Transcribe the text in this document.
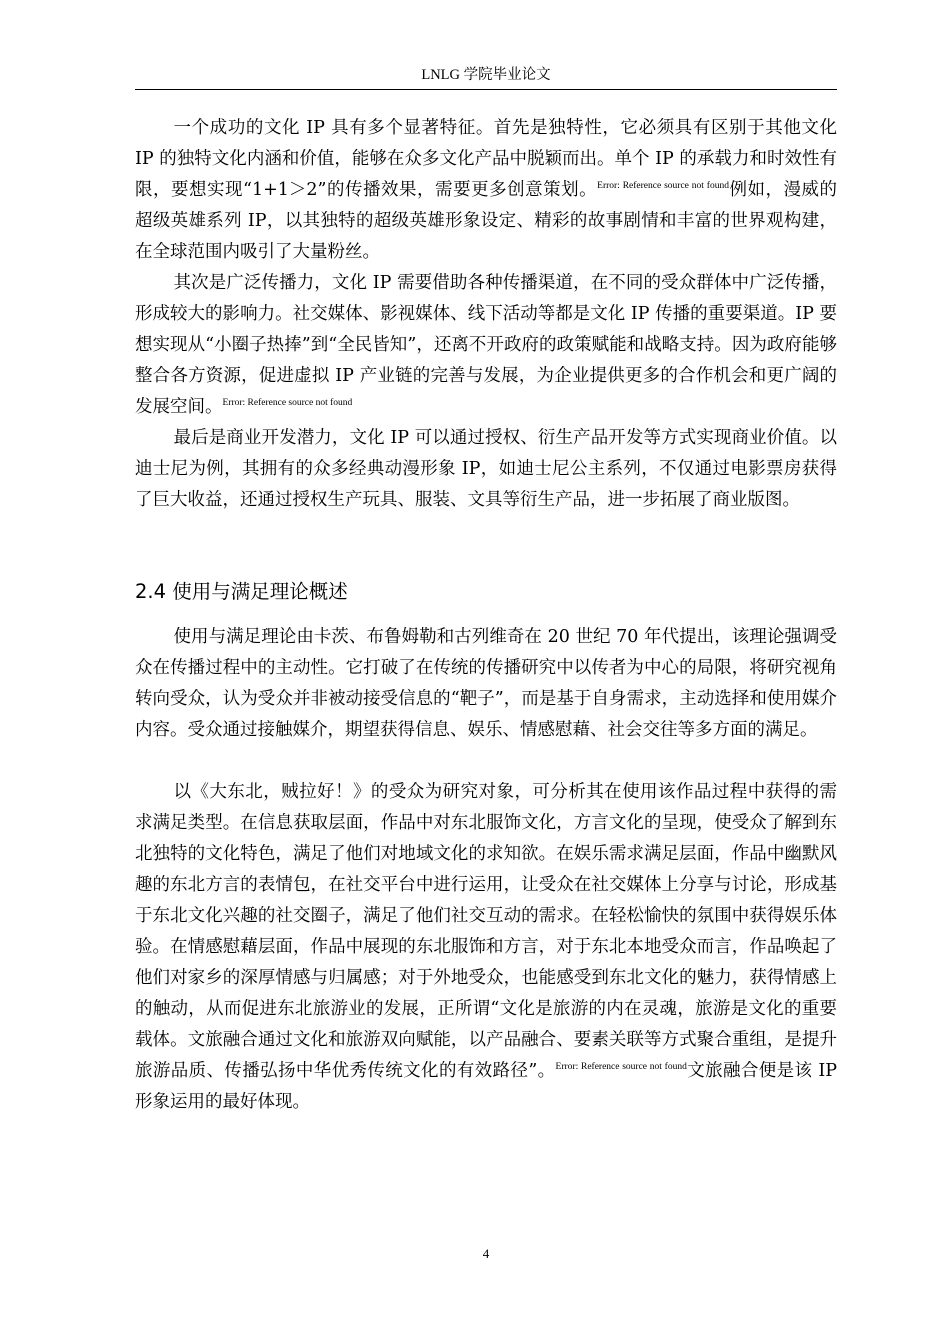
LNLG 学院毕业论文

一个成功的文化 IP 具有多个显著特征。首先是独特性，它必须具有区别于其他文化 IP 的独特文化内涵和价值，能够在众多文化产品中脱颖而出。单个 IP 的承载力和时效性有限，要想实现“1+1＞2”的传播效果，需要更多创意策划。$^{Error: Reference source not found}$例如，漫威的超级英雄系列 IP，以其独特的超级英雄形象设定、精彩的故事剧情和丰富的世界观构建，在全球范围内吸引了大量粉丝。

其次是广泛传播力，文化 IP 需要借助各种传播渠道，在不同的受众群体中广泛传播，形成较大的影响力。社交媒体、影视媒体、线下活动等都是文化 IP 传播的重要渠道。IP 要想实现从“小圈子热捧”到“全民皆知”，还离不开政府的政策赋能和战略支持。因为政府能够整合各方资源，促进虚拟 IP 产业链的完善与发展，为企业提供更多的合作机会和更广阔的发展空间。$^{Error: Reference source not found}$

最后是商业开发潜力，文化 IP 可以通过授权、衍生产品开发等方式实现商业价值。以迪士尼为例，其拥有的众多经典动漫形象 IP，如迪士尼公主系列，不仅通过电影票房获得了巨大收益，还通过授权生产玩具、服装、文具等衍生产品，进一步拓展了商业版图。

2.4 使用与满足理论概述

使用与满足理论由卡茨、布鲁姆勒和古列维奇在 20 世纪 70 年代提出，该理论强调受众在传播过程中的主动性。它打破了在传统的传播研究中以传者为中心的局限，将研究视角转向受众，认为受众并非被动接受信息的“靶子”，而是基于自身需求，主动选择和使用媒介内容。受众通过接触媒介，期望获得信息、娱乐、情感慰藉、社会交往等多方面的满足。

以《大东北，贼拉好！》的受众为研究对象，可分析其在使用该作品过程中获得的需求满足类型。在信息获取层面，作品中对东北服饰文化，方言文化的呈现，使受众了解到东北独特的文化特色，满足了他们对地域文化的求知欲。在娱乐需求满足层面，作品中幽默风趣的东北方言的表情包，在社交平台中进行运用，让受众在社交媒体上分享与讨论，形成基于东北文化兴趣的社交圈子，满足了他们社交互动的需求。在轻松愉快的氛围中获得娱乐体验。在情感慰藉层面，作品中展现的东北服饰和方言，对于东北本地受众而言，作品唤起了他们对家乡的深厚情感与归属感；对于外地受众，也能感受到东北文化的魅力，获得情感上的触动，从而促进东北旅游业的发展，正所谓“文化是旅游的内在灵魂，旅游是文化的重要载体。文旅融合通过文化和旅游双向赋能，以产品融合、要素关联等方式聚合重组，是提升旅游品质、传播弘扬中华优秀传统文化的有效路径”。$^{Error: Reference source not found}$文旅融合便是该 IP 形象运用的最好体现。

4
